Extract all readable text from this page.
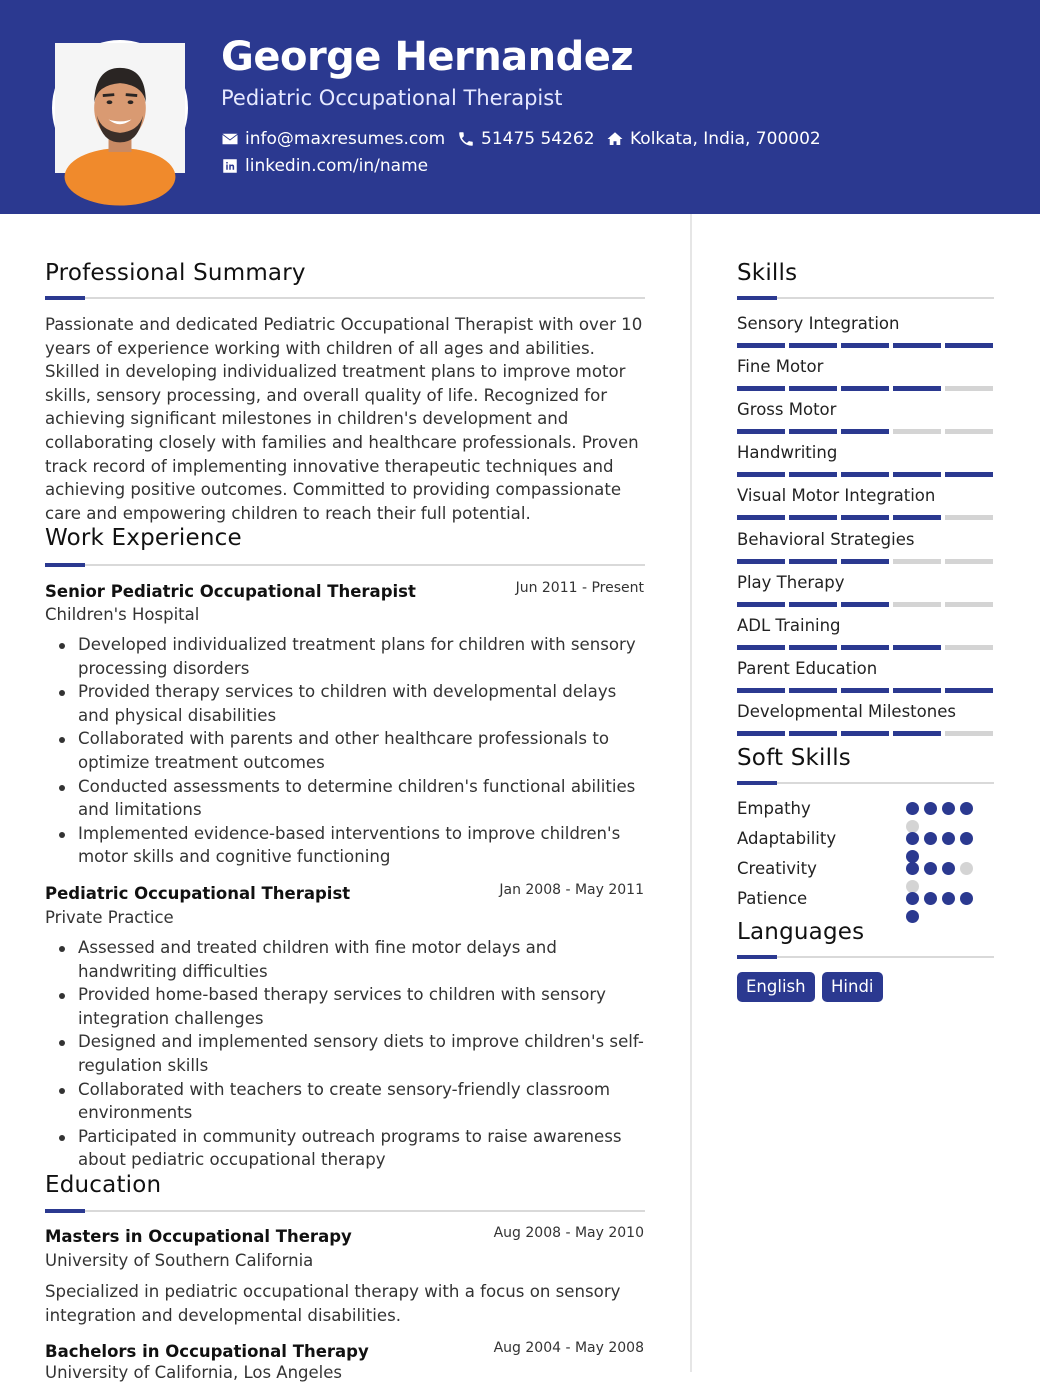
George Hernandez
Pediatric Occupational Therapist
info@maxresumes.com 51475 54262 Kolkata, India, 700002
linkedin.com/in/name
Professional Summary
Passionate and dedicated Pediatric Occupational Therapist with over 10 years of experience working with children of all ages and abilities. Skilled in developing individualized treatment plans to improve motor skills, sensory processing, and overall quality of life. Recognized for achieving significant milestones in children's development and collaborating closely with families and healthcare professionals. Proven track record of implementing innovative therapeutic techniques and achieving positive outcomes. Committed to providing compassionate care and empowering children to reach their full potential.
Work Experience
Senior Pediatric Occupational Therapist	Jun 2011 - Present
Children's Hospital
Developed individualized treatment plans for children with sensory processing disorders
Provided therapy services to children with developmental delays and physical disabilities
Collaborated with parents and other healthcare professionals to optimize treatment outcomes
Conducted assessments to determine children's functional abilities and limitations
Implemented evidence-based interventions to improve children's motor skills and cognitive functioning
Pediatric Occupational Therapist	Jan 2008 - May 2011
Private Practice
Assessed and treated children with fine motor delays and handwriting difficulties
Provided home-based therapy services to children with sensory integration challenges
Designed and implemented sensory diets to improve children's self-regulation skills
Collaborated with teachers to create sensory-friendly classroom environments
Participated in community outreach programs to raise awareness about pediatric occupational therapy
Education
Masters in Occupational Therapy	Aug 2008 - May 2010
University of Southern California
Specialized in pediatric occupational therapy with a focus on sensory integration and developmental disabilities.
Bachelors in Occupational Therapy	Aug 2004 - May 2008
University of California, Los Angeles
Skills
Sensory Integration
Fine Motor
Gross Motor
Handwriting
Visual Motor Integration
Behavioral Strategies
Play Therapy
ADL Training
Parent Education
Developmental Milestones
Soft Skills
Empathy
Adaptability
Creativity
Patience
Languages
English	Hindi
